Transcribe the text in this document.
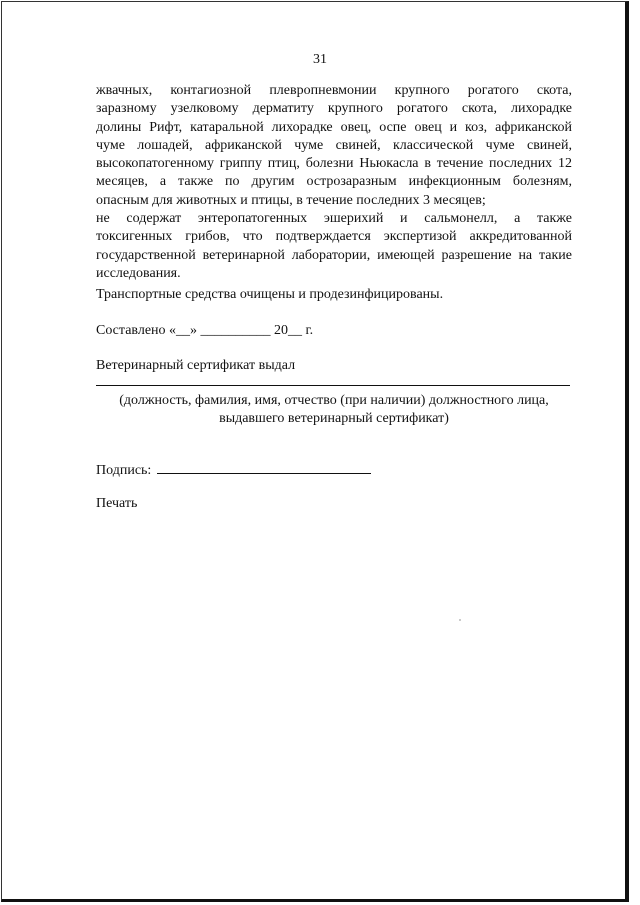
31
жвачных, контагиозной плевропневмонии крупного рогатого скота,
заразному узелковому дерматиту крупного рогатого скота, лихорадке
долины Рифт, катаральной лихорадке овец, оспе овец и коз, африканской
чуме лошадей, африканской чуме свиней, классической чуме свиней,
высокопатогенному гриппу птиц, болезни Ньюкасла в течение последних 12
месяцев, а также по другим острозаразным инфекционным болезням,
опасным для животных и птицы, в течение последних 3 месяцев;
не содержат энтеропатогенных эшерихий и сальмонелл, а также
токсигенных грибов, что подтверждается экспертизой аккредитованной
государственной ветеринарной лаборатории, имеющей разрешение на такие
исследования.
Транспортные средства очищены и продезинфицированы.
Составлено «__» __________ 20__ г.
Ветеринарный сертификат выдал
(должность, фамилия, имя, отчество (при наличии) должностного лица,
выдавшего ветеринарный сертификат)
Подпись:
Печать
